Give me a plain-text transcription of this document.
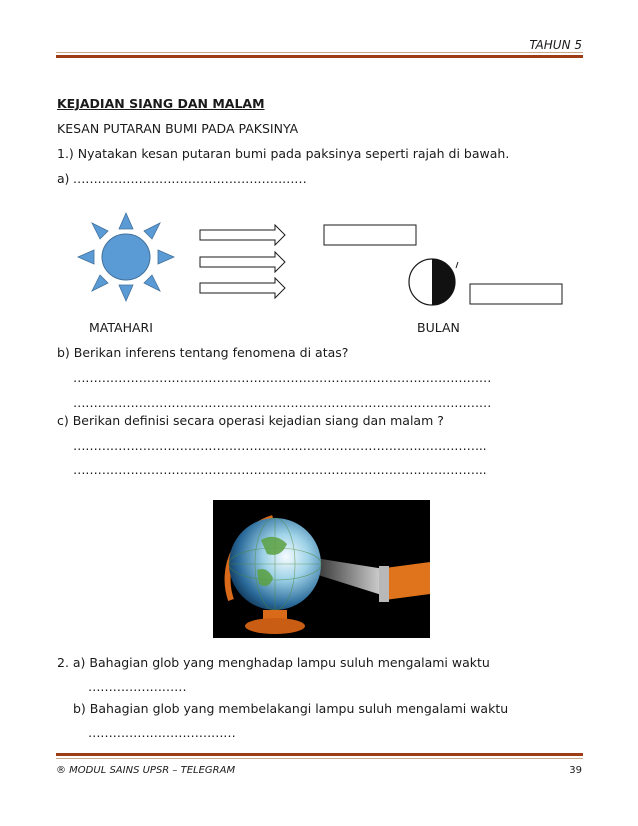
TAHUN 5
KEJADIAN SIANG DAN MALAM
KESAN PUTARAN BUMI PADA PAKSINYA
1.) Nyatakan kesan putaran bumi pada paksinya seperti rajah di bawah.
a) …………………………………………………
MATAHARI	BULAN
b) Berikan inferens tentang fenomena di atas?
…………………………………………………………………………………………
…………………………………………………………………………………………
c) Berikan definisi secara operasi kejadian siang dan malam ?
………………………………………………………………………………………..
………………………………………………………………………………………..
2. a) Bahagian glob yang menghadap lampu suluh mengalami waktu
……………………
b) Bahagian glob yang membelakangi lampu suluh mengalami waktu
………………………………
® MODUL SAINS UPSR – TELEGRAM	39
